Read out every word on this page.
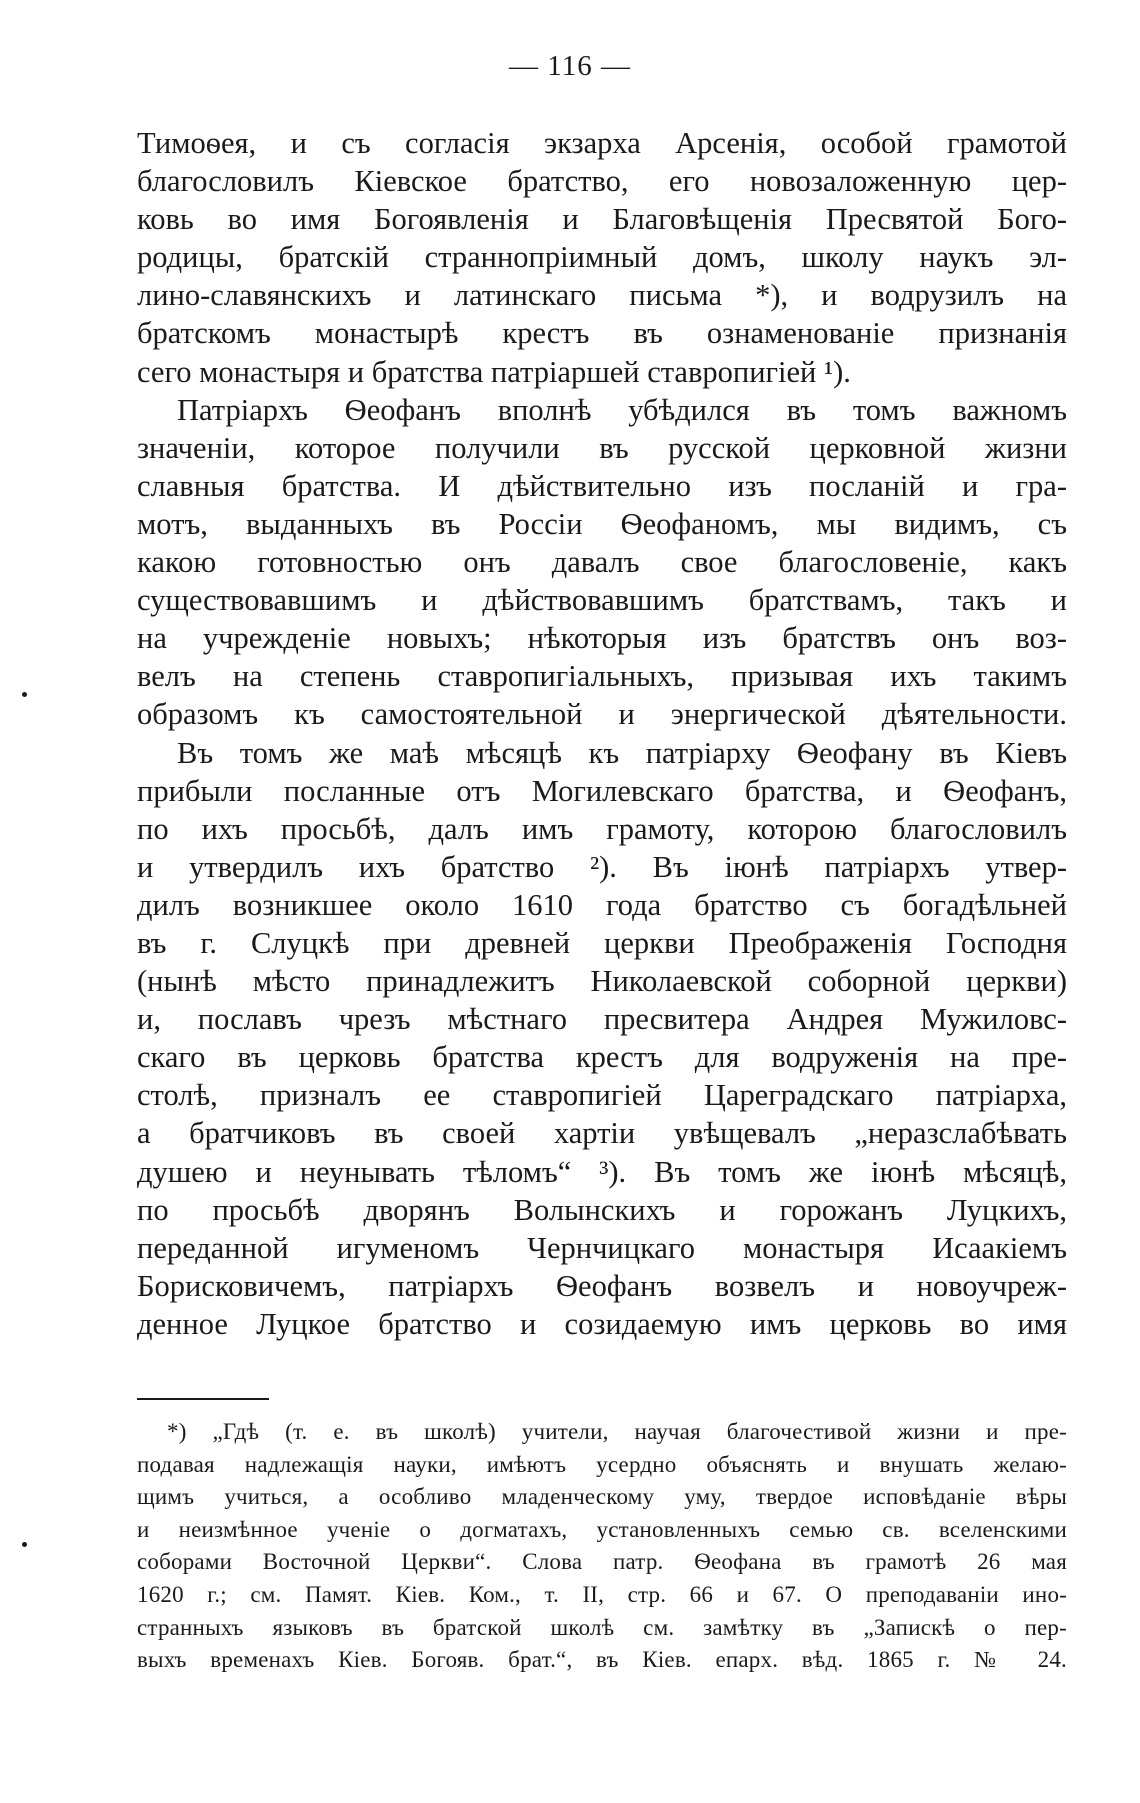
— 116 —
Тимоѳея, и съ согласія экзарха Арсенія, особой грамотой
благословилъ Кіевское братство, его новозаложенную цер-
ковь во имя Богоявленія и Благовѣщенія Пресвятой Бого-
родицы, братскій страннопріимный домъ, школу наукъ эл-
лино-славянскихъ и латинскаго письма *), и водрузилъ на
братскомъ монастырѣ крестъ въ ознаменованіе признанія
сего монастыря и братства патріаршей ставропигіей ¹).
Патріархъ Ѳеофанъ вполнѣ убѣдился въ томъ важномъ
значеніи, которое получили въ русской церковной жизни
славныя братства. И дѣйствительно изъ посланій и гра-
мотъ, выданныхъ въ Россіи Ѳеофаномъ, мы видимъ, съ
какою готовностью онъ давалъ свое благословеніе, какъ
существовавшимъ и дѣйствовавшимъ братствамъ, такъ и
на учрежденіе новыхъ; нѣкоторыя изъ братствъ онъ воз-
велъ на степень ставропигіальныхъ, призывая ихъ такимъ
образомъ къ самостоятельной и энергической дѣятельности.
Въ томъ же маѣ мѣсяцѣ къ патріарху Ѳеофану въ Кіевъ
прибыли посланные отъ Могилевскаго братства, и Ѳеофанъ,
по ихъ просьбѣ, далъ имъ грамоту, которою благословилъ
и утвердилъ ихъ братство ²). Въ іюнѣ патріархъ утвер-
дилъ возникшее около 1610 года братство съ богадѣльней
въ г. Слуцкѣ при древней церкви Преображенія Господня
(нынѣ мѣсто принадлежитъ Николаевской соборной церкви)
и, пославъ чрезъ мѣстнаго пресвитера Андрея Мужиловс-
скаго въ церковь братства крестъ для водруженія на пре-
столѣ, призналъ ее ставропигіей Цареградскаго патріарха,
а братчиковъ въ своей хартіи увѣщевалъ „неразслабѣвать
душею и неунывать тѣломъ“ ³). Въ томъ же іюнѣ мѣсяцѣ,
по просьбѣ дворянъ Волынскихъ и горожанъ Луцкихъ,
переданной игуменомъ Чернчицкаго монастыря Исаакіемъ
Борисковичемъ, патріархъ Ѳеофанъ возвелъ и новоучреж-
денное Луцкое братство и созидаемую имъ церковь во имя
*) „Гдѣ (т. е. въ школѣ) учители, научая благочестивой жизни и пре-
подавая надлежащія науки, имѣютъ усердно объяснять и внушать желаю-
щимъ учиться, а особливо младенческому уму, твердое исповѣданіе вѣры
и неизмѣнное ученіе о догматахъ, установленныхъ семью св. вселенскими
соборами Восточной Церкви“. Слова патр. Ѳеофана въ грамотѣ 26 мая
1620 г.; см. Памят. Кіев. Ком., т. II, стр. 66 и 67. О преподаваніи ино-
странныхъ языковъ въ братской школѣ см. замѣтку въ „Запискѣ о пер-
выхъ временахъ Кіев. Богояв. брат.“, въ Кіев. епарх. вѣд. 1865 г. № 24.
